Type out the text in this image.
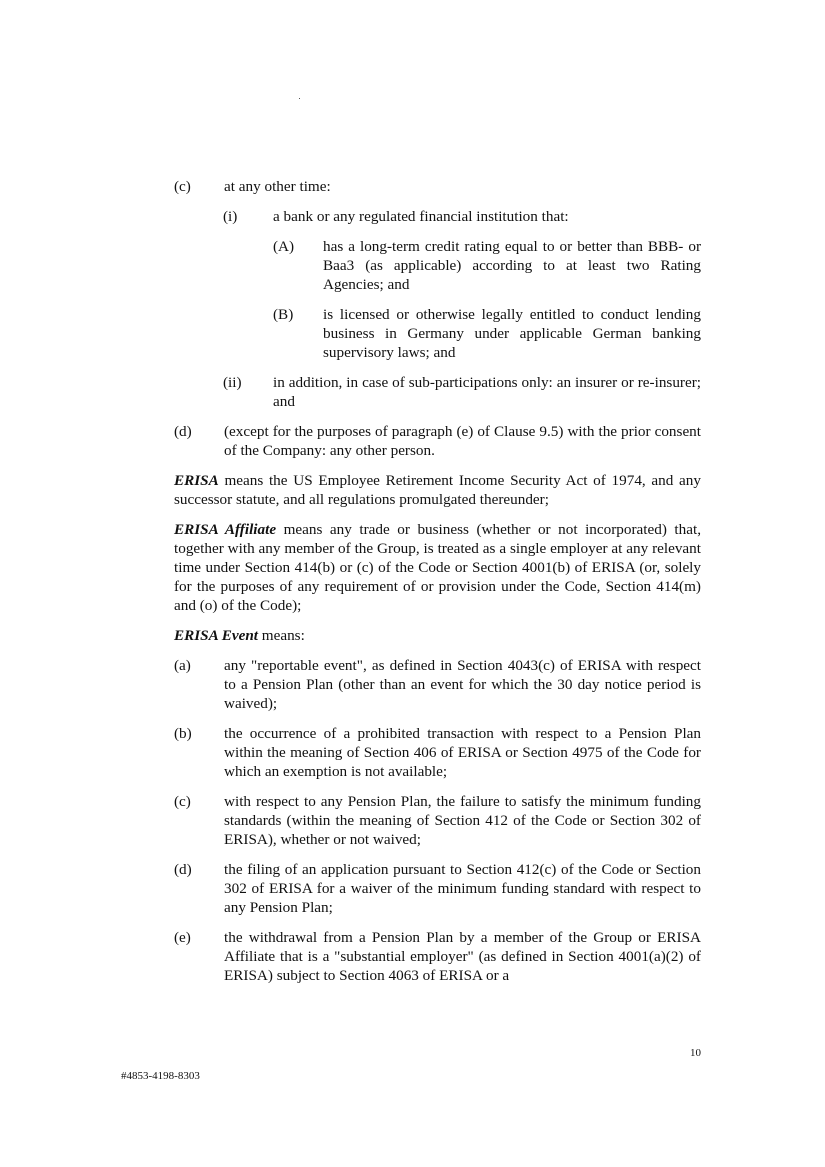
(c) at any other time:
(i) a bank or any regulated financial institution that:
(A) has a long-term credit rating equal to or better than BBB- or Baa3 (as applicable) according to at least two Rating Agencies; and
(B) is licensed or otherwise legally entitled to conduct lending business in Germany under applicable German banking supervisory laws; and
(ii) in addition, in case of sub-participations only: an insurer or re-insurer; and
(d) (except for the purposes of paragraph (e) of Clause 9.5) with the prior consent of the Company: any other person.

ERISA means the US Employee Retirement Income Security Act of 1974, and any successor statute, and all regulations promulgated thereunder;

ERISA Affiliate means any trade or business (whether or not incorporated) that, together with any member of the Group, is treated as a single employer at any relevant time under Section 414(b) or (c) of the Code or Section 4001(b) of ERISA (or, solely for the purposes of any requirement of or provision under the Code, Section 414(m) and (o) of the Code);

ERISA Event means:

(a) any "reportable event", as defined in Section 4043(c) of ERISA with respect to a Pension Plan (other than an event for which the 30 day notice period is waived);
(b) the occurrence of a prohibited transaction with respect to a Pension Plan within the meaning of Section 406 of ERISA or Section 4975 of the Code for which an exemption is not available;
(c) with respect to any Pension Plan, the failure to satisfy the minimum funding standards (within the meaning of Section 412 of the Code or Section 302 of ERISA), whether or not waived;
(d) the filing of an application pursuant to Section 412(c) of the Code or Section 302 of ERISA for a waiver of the minimum funding standard with respect to any Pension Plan;
(e) the withdrawal from a Pension Plan by a member of the Group or ERISA Affiliate that is a "substantial employer" (as defined in Section 4001(a)(2) of ERISA) subject to Section 4063 of ERISA or a
10
#4853-4198-8303
